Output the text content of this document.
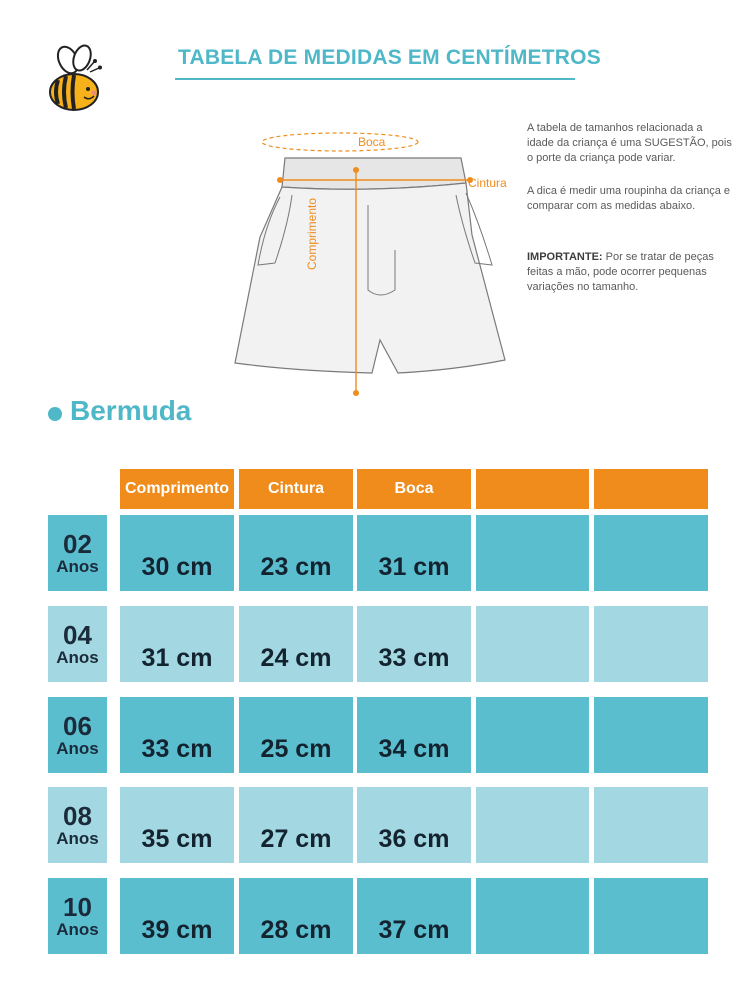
TABELA DE MEDIDAS EM CENTÍMETROS
Boca
Cintura
Comprimento
A tabela de tamanhos relacionada a idade da criança é uma SUGESTÃO, pois o porte da criança pode variar.
A dica é medir uma roupinha da criança e comparar com as medidas abaixo.
IMPORTANTE: Por se tratar de peças feitas a mão, pode ocorrer pequenas variações no tamanho.
Bermuda
Comprimento	Cintura	Boca
02
Anos	30 cm	23 cm	31 cm
04
Anos	31 cm	24 cm	33 cm
06
Anos	33 cm	25 cm	34 cm
08
Anos	35 cm	27 cm	36 cm
10
Anos	39 cm	28 cm	37 cm
